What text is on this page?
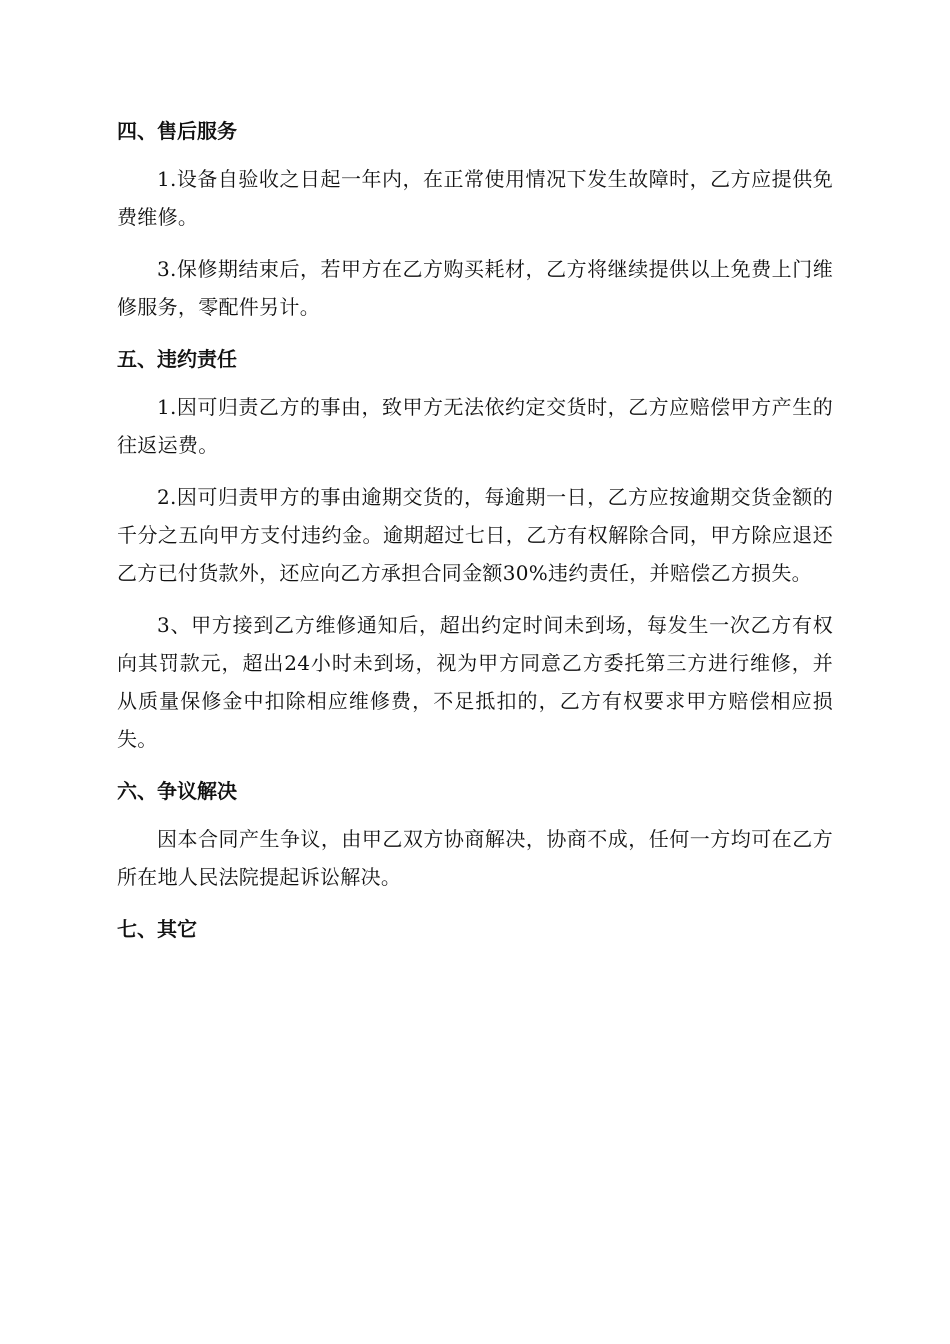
四、售后服务

1.设备自验收之日起一年内，在正常使用情况下发生故障时，乙方应提供免费维修。

3.保修期结束后，若甲方在乙方购买耗材，乙方将继续提供以上免费上门维修服务，零配件另计。

五、违约责任

1.因可归责乙方的事由，致甲方无法依约定交货时，乙方应赔偿甲方产生的往返运费。

2.因可归责甲方的事由逾期交货的，每逾期一日，乙方应按逾期交货金额的千分之五向甲方支付违约金。逾期超过七日，乙方有权解除合同，甲方除应退还乙方已付货款外，还应向乙方承担合同金额30%违约责任，并赔偿乙方损失。

3、甲方接到乙方维修通知后，超出约定时间未到场，每发生一次乙方有权向其罚款元，超出24小时未到场，视为甲方同意乙方委托第三方进行维修，并从质量保修金中扣除相应维修费，不足抵扣的，乙方有权要求甲方赔偿相应损失。

六、争议解决

因本合同产生争议，由甲乙双方协商解决，协商不成，任何一方均可在乙方所在地人民法院提起诉讼解决。

七、其它
